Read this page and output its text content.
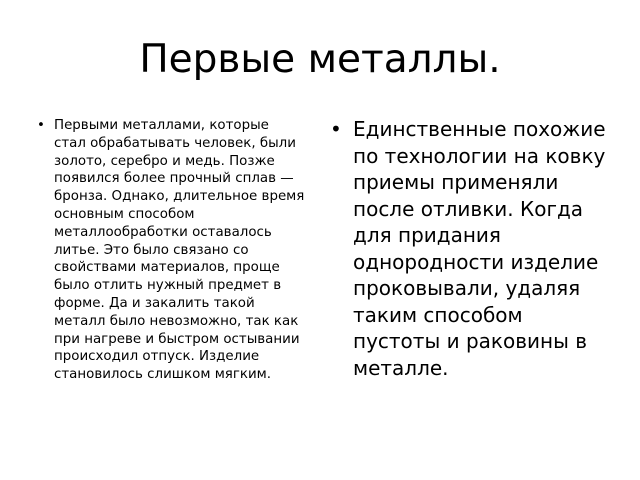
Первые металлы.
• Первыми металлами, которые стал обрабатывать человек, были золото, серебро и медь. Позже появился более прочный сплав — бронза. Однако, длительное время основным способом металлообработки оставалось литье. Это было связано со свойствами материалов, проще было отлить нужный предмет в форме. Да и закалить такой металл было невозможно, так как при нагреве и быстром остывании происходил отпуск. Изделие становилось слишком мягким.
• Единственные похожие по технологии на ковку приемы применяли после отливки. Когда для придания однородности изделие проковывали, удаляя таким способом пустоты и раковины в металле.
